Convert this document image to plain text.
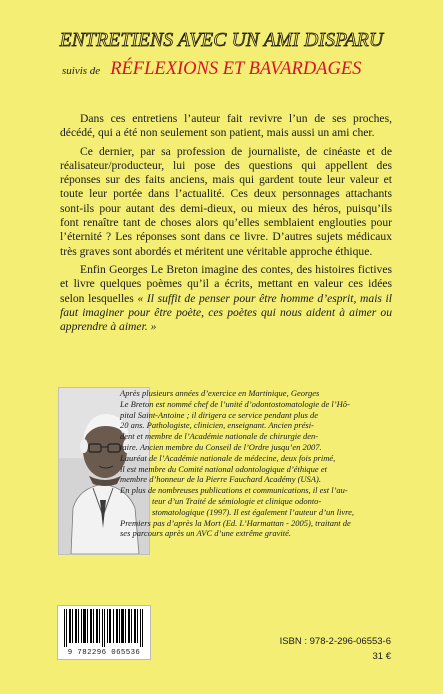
ENTRETIENS AVEC UN AMI DISPARU
suivis de RÉFLEXIONS ET BAVARDAGES

Dans ces entretiens l’auteur fait revivre l’un de ses proches, décédé, qui a été non seulement son patient, mais aussi un ami cher.

Ce dernier, par sa profession de journaliste, de cinéaste et de réalisateur/producteur, lui pose des questions qui appellent des réponses sur des faits anciens, mais qui gardent toute leur valeur et toute leur portée dans l’actualité. Ces deux personnages attachants sont-ils pour autant des demi-dieux, ou mieux des héros, puisqu’ils font renaître tant de choses alors qu’elles semblaient englouties pour l’éternité ? Les réponses sont dans ce livre. D’autres sujets médicaux très graves sont abordés et méritent une véritable approche éthique.

Enfin Georges Le Breton imagine des contes, des histoires fictives et livre quelques poèmes qu’il a écrits, mettant en valeur ces idées selon lesquelles « Il suffit de penser pour être homme d’esprit, mais il faut imaginer pour être poète, ces poètes qui nous aident à aimer ou apprendre à aimer. »

Après plusieurs années d’exercice en Martinique, Georges
Le Breton est nommé chef de l’unité d’odontostomatologie de l’Hô-
pital Saint-Antoine ; il dirigera ce service pendant plus de
20 ans. Pathologiste, clinicien, enseignant. Ancien prési-
dent et membre de l’Académie nationale de chirurgie den-
taire. Ancien membre du Conseil de l’Ordre jusqu’en 2007.
Lauréat de l’Académie nationale de médecine, deux fois primé,
il est membre du Comité national odontologique d’éthique et
membre d’honneur de la Pierre Fauchard Académy (USA).
En plus de nombreuses publications et communications, il est l’au-
teur d’un Traité de sémiologie et clinique odonto-
stomatologique (1997). Il est également l’auteur d’un livre,
Premiers pas d’après la Mort (Ed. L’Harmattan - 2005), traitant de
ses parcours après un AVC d’une extrême gravité.
9 782296 065536
ISBN : 978-2-296-06553-6
31 €
